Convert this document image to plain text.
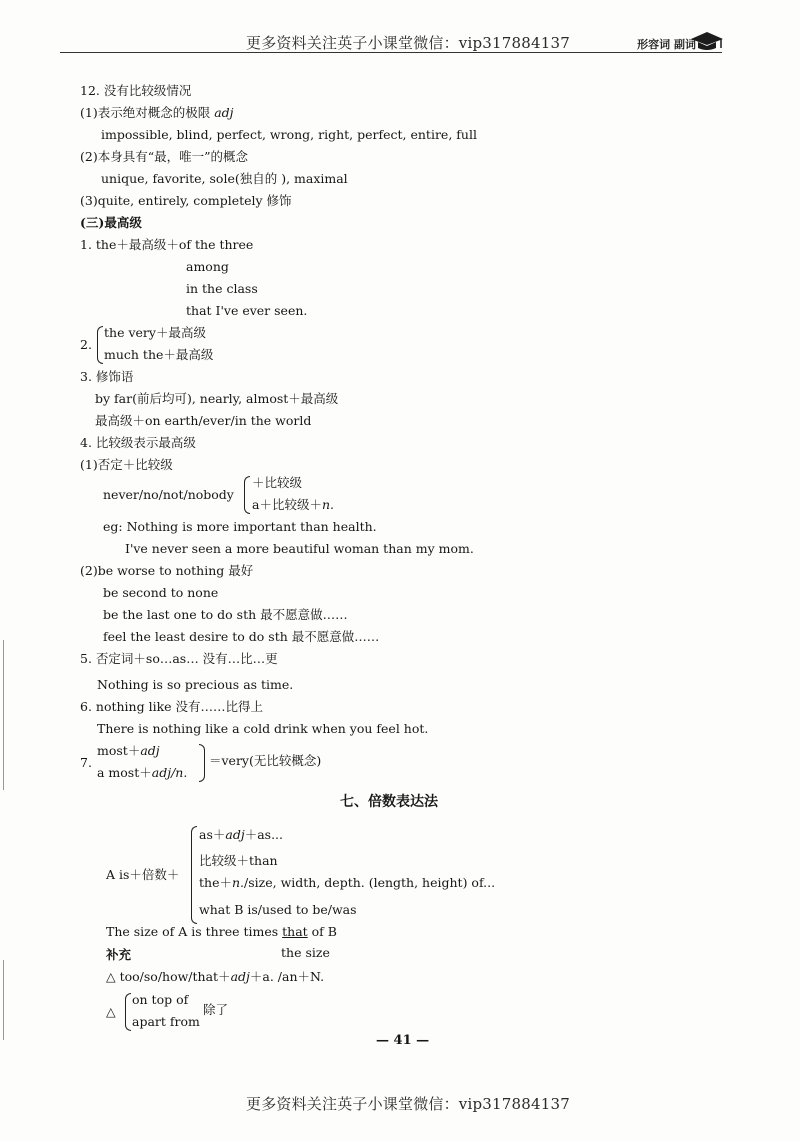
更多资料关注英子小课堂微信：vip317884137	形容词 副词
12. 没有比较级情况
(1)表示绝对概念的极限 adj
impossible, blind, perfect, wrong, right, perfect, entire, full
(2)本身具有“最，唯一”的概念
unique, favorite, sole(独自的 ), maximal
(3)quite, entirely, completely 修饰
(三)最高级
1. the＋最高级＋of the three
among
in the class
that I've ever seen.
2.
the very＋最高级
much the＋最高级
3. 修饰语
by far(前后均可), nearly, almost＋最高级
最高级＋on earth/ever/in the world
4. 比较级表示最高级
(1)否定＋比较级
never/no/not/nobody
＋比较级
a＋比较级＋n.
eg: Nothing is more important than health.
I've never seen a more beautiful woman than my mom.
(2)be worse to nothing 最好
be second to none
be the last one to do sth 最不愿意做……
feel the least desire to do sth 最不愿意做……
5. 否定词＋so…as… 没有…比…更
Nothing is so precious as time.
6. nothing like 没有……比得上
There is nothing like a cold drink when you feel hot.
7.
most＋adj
a most＋adj/n.
＝very(无比较概念)
七、倍数表达法
A is＋倍数＋
as＋adj＋as...
比较级＋than
the＋n./size, width, depth. (length, height) of...
what B is/used to be/was
The size of A is three times that of B
补充	the size
△ too/so/how/that＋adj＋a. /an＋N.
△
on top of
apart from
除了
— 41 —
更多资料关注英子小课堂微信：vip317884137
